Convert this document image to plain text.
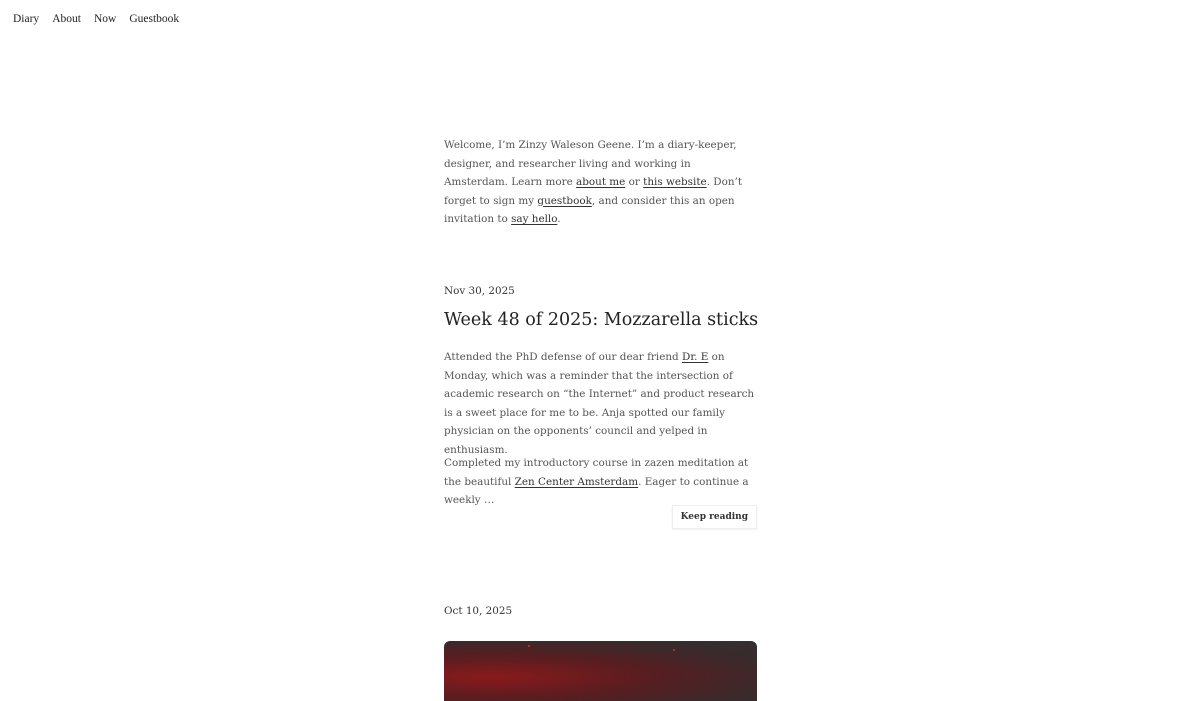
Diary About Now Guestbook

Welcome, I’m Zinzy Waleson Geene. I’m a diary-keeper, designer, and researcher living and working in Amsterdam. Learn more about me or this website. Don’t forget to sign my guestbook, and consider this an open invitation to say hello.

Nov 30, 2025
Week 48 of 2025: Mozzarella sticks

Attended the PhD defense of our dear friend Dr. E on Monday, which was a reminder that the intersection of academic research on “the Internet” and product research is a sweet place for me to be. Anja spotted our family physician on the opponents’ council and yelped in enthusiasm.

Completed my introductory course in zazen meditation at the beautiful Zen Center Amsterdam. Eager to continue a weekly …

Keep reading
Oct 10, 2025
